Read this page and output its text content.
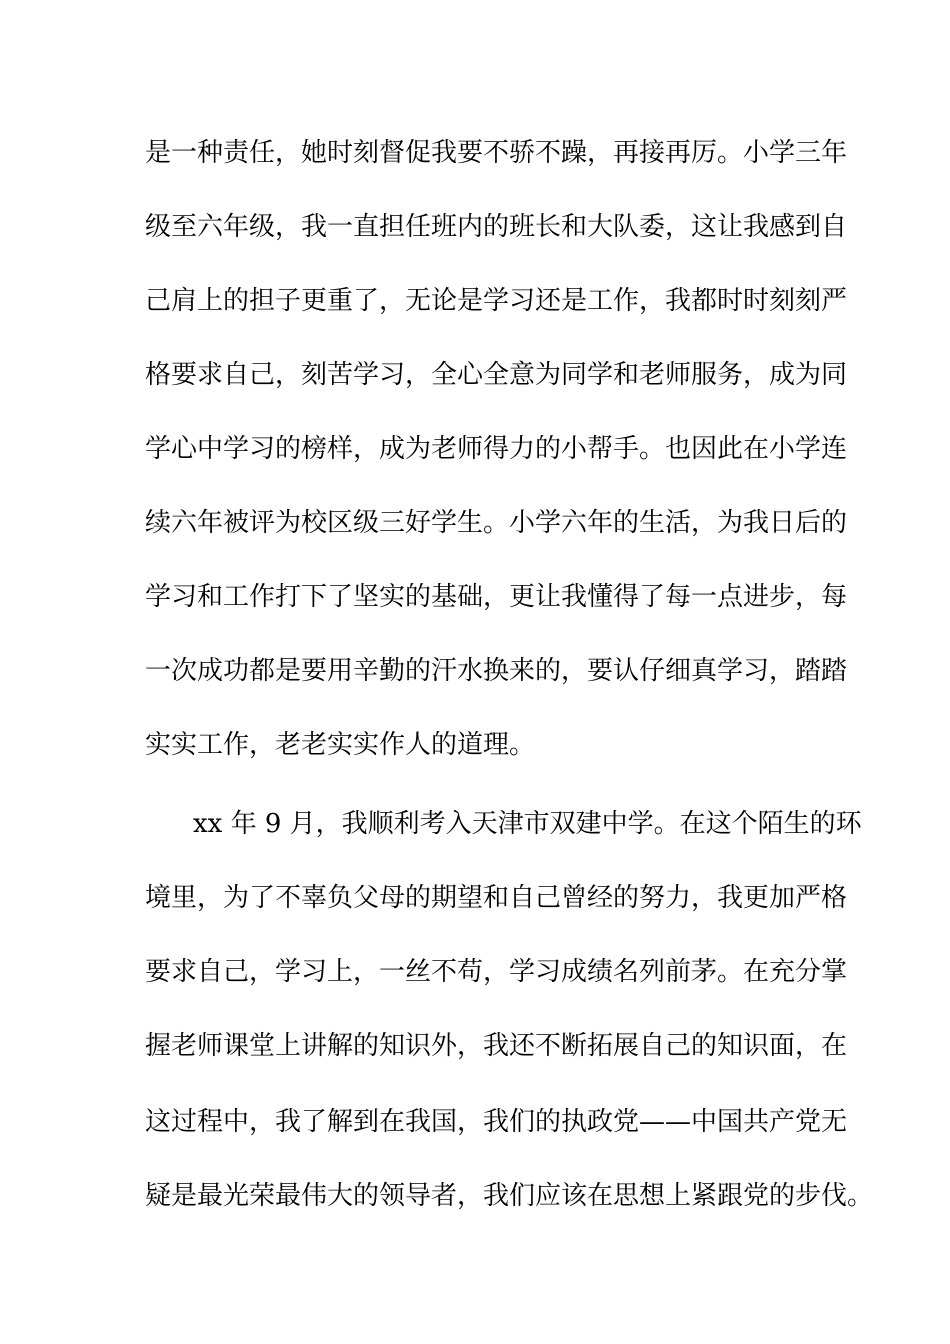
是一种责任，她时刻督促我要不骄不躁，再接再厉。小学三年
级至六年级，我一直担任班内的班长和大队委，这让我感到自
己肩上的担子更重了，无论是学习还是工作，我都时时刻刻严
格要求自己，刻苦学习，全心全意为同学和老师服务，成为同
学心中学习的榜样，成为老师得力的小帮手。也因此在小学连
续六年被评为校区级三好学生。小学六年的生活，为我日后的
学习和工作打下了坚实的基础，更让我懂得了每一点进步，每
一次成功都是要用辛勤的汗水换来的，要认仔细真学习，踏踏
实实工作，老老实实作人的道理。
xx 年 9 月，我顺利考入天津市双建中学。在这个陌生的环
境里，为了不辜负父母的期望和自己曾经的努力，我更加严格
要求自己，学习上，一丝不苟，学习成绩名列前茅。在充分掌
握老师课堂上讲解的知识外，我还不断拓展自己的知识面，在
这过程中，我了解到在我国，我们的执政党——中国共产党无
疑是最光荣最伟大的领导者，我们应该在思想上紧跟党的步伐。
